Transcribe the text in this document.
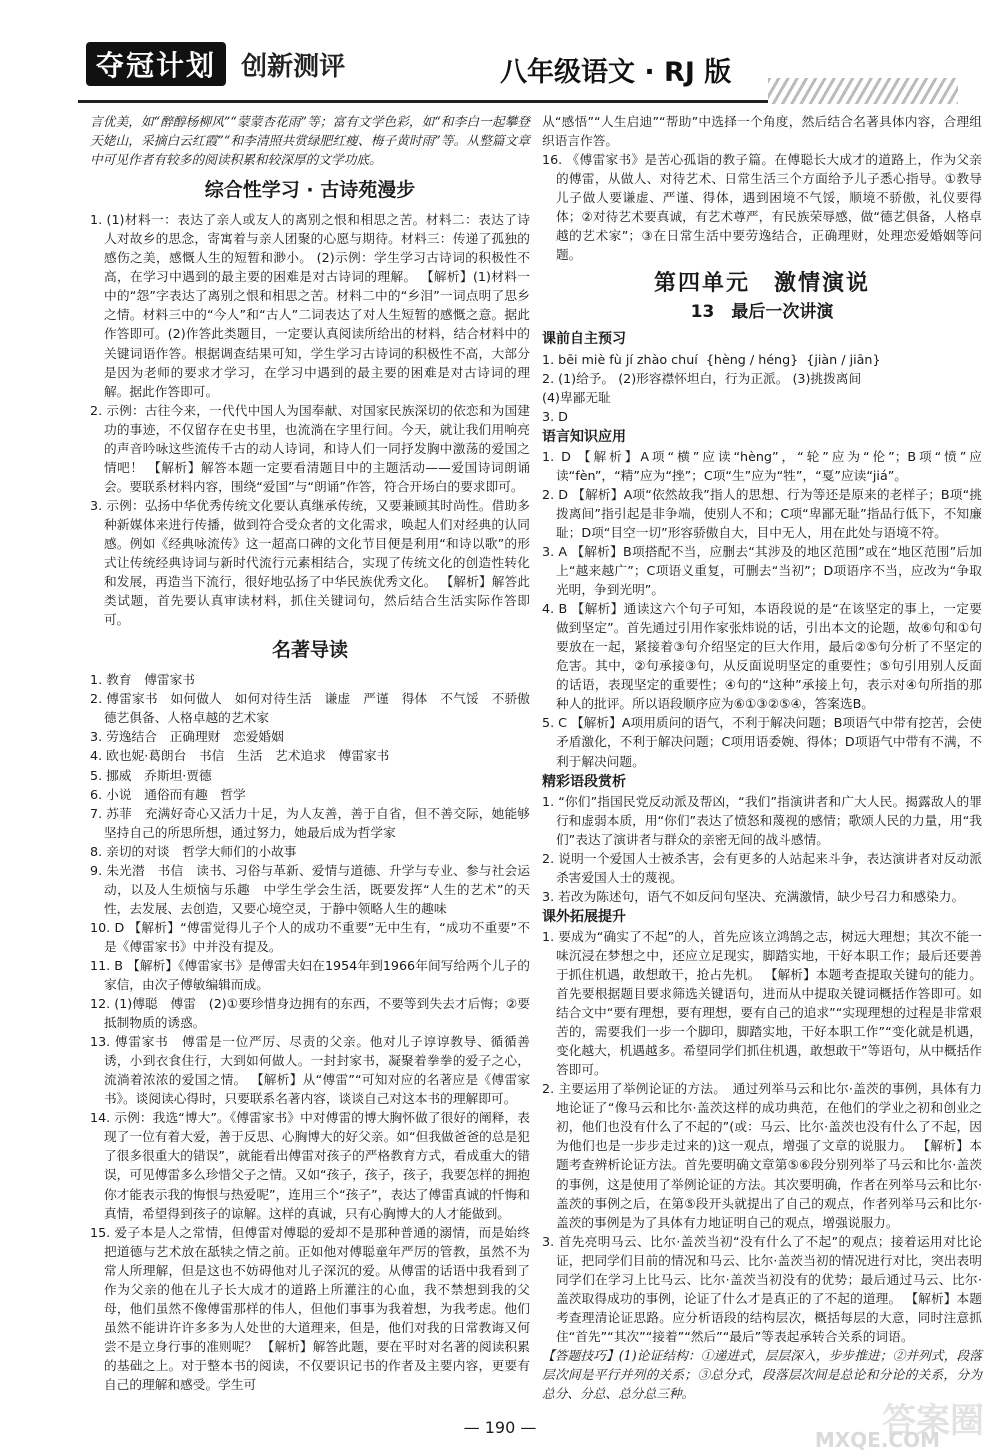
夺冠计划 创新测评	八年级语文 · RJ 版

言优美，如“醉醇杨柳风”“蒙蒙杏花雨”等；富有文学色彩，如“和李白一起攀登天姥山，采摘白云红霞”“和李清照共赏绿肥红瘦、梅子黄时雨”等。从整篇文章中可见作者有较多的阅读积累和较深厚的文学功底。

综合性学习 · 古诗苑漫步

1. (1)材料一：表达了亲人或友人的离别之恨和相思之苦。材料二：表达了诗人对故乡的思念，寄寓着与亲人团聚的心愿与期待。材料三：传递了孤独的感伤之美，感慨人生的短暂和渺小。 (2)示例：学生学习古诗词的积极性不高，在学习中遇到的最主要的困难是对古诗词的理解。 【解析】(1)材料一中的“怨”字表达了离别之恨和相思之苦。材料二中的“乡泪”一词点明了思乡之情。材料三中的“今人”和“古人”二词表达了对人生短暂的感慨之意。据此作答即可。(2)作答此类题目，一定要认真阅读所给出的材料，结合材料中的关键词语作答。根据调查结果可知，学生学习古诗词的积极性不高，大部分是因为老师的要求才学习，在学习中遇到的最主要的困难是对古诗词的理解。据此作答即可。

2. 示例：古往今来，一代代中国人为国奉献、对国家民族深切的依恋和为国建功的事迹，不仅留存在史书里，也流淌在字里行间。今天，就让我们用响亮的声音吟咏这些流传千古的动人诗词，和诗人们一同抒发胸中激荡的爱国之情吧！ 【解析】解答本题一定要看清题目中的主题活动——爱国诗词朗诵会。要联系材料内容，围绕“爱国”与“朗诵”作答，符合开场白的要求即可。

3. 示例：弘扬中华优秀传统文化要认真继承传统，又要兼顾其时尚性。借助多种新媒体来进行传播，做到符合受众者的文化需求，唤起人们对经典的认同感。例如《经典咏流传》这一超高口碑的文化节目便是利用“和诗以歌”的形式让传统经典诗词与新时代流行元素相结合，实现了传统文化的创造性转化和发展，再造当下流行，很好地弘扬了中华民族优秀文化。 【解析】解答此类试题，首先要认真审读材料，抓住关键词句，然后结合生活实际作答即可。

名著导读

1. 教育　傅雷家书

2. 傅雷家书　如何做人　如何对待生活　谦虚　严谨　得体　不气馁　不骄傲　德艺俱备、人格卓越的艺术家

3. 劳逸结合　正确理财　恋爱婚姻

4. 欧也妮·葛朗台　书信　生活　艺术追求　傅雷家书

5. 挪威　乔斯坦·贾德

6. 小说　通俗而有趣　哲学

7. 苏菲　充满好奇心又活力十足，为人友善，善于自省，但不善交际，她能够坚持自己的所思所想，通过努力，她最后成为哲学家

8. 亲切的对谈　哲学大师们的小故事

9. 朱光潜　书信　读书、习俗与革新、爱情与道德、升学与专业、参与社会运动，以及人生烦恼与乐趣　中学生学会生活，既要发挥“人生的艺术”的天性，去发展、去创造，又要心境空灵，于静中领略人生的趣味

10. D 【解析】“傅雷觉得儿子个人的成功不重要”无中生有，“成功不重要”不是《傅雷家书》中并没有提及。

11. B 【解析】《傅雷家书》是傅雷夫妇在1954年到1966年间写给两个儿子的家信，由次子傅敏编辑而成。

12. (1)傅聪　傅雷　(2)①要珍惜身边拥有的东西，不要等到失去才后悔；②要抵制物质的诱惑。

13. 傅雷家书　傅雷是一位严厉、尽责的父亲。他对儿子谆谆教导、循循善诱，小到衣食住行，大到如何做人。一封封家书，凝聚着拳拳的爱子之心，流淌着浓浓的爱国之情。 【解析】从“傅雷”“可知对应的名著应是《傅雷家书》。谈阅读心得时，只要联系名著内容，谈谈自己对这本书的理解即可。

14. 示例：我选“博大”。《傅雷家书》中对傅雷的博大胸怀做了很好的阐释，表现了一位有着大爱，善于反思、心胸博大的好父亲。如“但我做爸爸的总是犯了很多很重大的错误”，就能看出傅雷对孩子的严格教育方式，看成重大的错误，可见傅雷多么珍惜父子之情。又如“孩子，孩子，孩子，我要怎样的拥抱你才能表示我的悔恨与热爱呢”，连用三个“孩子”，表达了傅雷真诚的忏悔和真情，希望得到孩子的谅解。这样的真诚，只有心胸博大的人才能做到。

15. 爱子本是人之常情，但傅雷对傅聪的爱却不是那种普通的溺情，而是始终把道德与艺术放在舐犊之情之前。正如他对傅聪童年严厉的管教，虽然不为常人所理解，但是这也不妨碍他对儿子深沉的爱。从傅雷的话语中我看到了作为父亲的他在儿子长大成才的道路上所灌注的心血，我不禁想到我的父母，他们虽然不像傅雷那样的伟人，但他们事事为我着想，为我考虑。他们虽然不能讲许许多多为人处世的大道理来，但是，他们对我的日常教诲又何尝不是立身行事的准则呢？ 【解析】解答此题，要在平时对名著的阅读积累的基础之上。对于整本书的阅读，不仅要识记书的作者及主要内容，更要有自己的理解和感受。学生可

从“感悟”“人生启迪”“帮助”中选择一个角度，然后结合名著具体内容，合理组织语言作答。

16. 《傅雷家书》是苦心孤诣的教子篇。在傅聪长大成才的道路上，作为父亲的傅雷，从做人、对待艺术、日常生活三个方面给予儿子悉心指导。①教导儿子做人要谦虚、严谨、得体，遇到困境不气馁，顺境不骄傲，礼仪要得体；②对待艺术要真诚，有艺术尊严，有民族荣辱感，做“德艺俱备，人格卓越的艺术家”；③在日常生活中要劳逸结合，正确理财，处理恋爱婚姻等问题。

第四单元　激情演说
13　最后一次讲演
课前自主预习

1. bēi miè fù jí zhào chuí  {hèng / héng}  {jiàn / jiān}

2. (1)给予。 (2)形容襟怀坦白，行为正派。 (3)挑拨离间

(4)卑鄙无耻

3. D

语言知识应用

1. D 【解析】A项“横”应读“hèng”，“轮”应为“伦”；B项“愤”应读“fèn”，“精”应为“挫”；C项“生”应为“牲”，“戛”应读“jiá”。

2. D 【解析】A项“依然故我”指人的思想、行为等还是原来的老样子；B项“挑拨离间”指引起是非争端，使别人不和；C项“卑鄙无耻”指品行低下，不知廉耻；D项“目空一切”形容骄傲自大，目中无人，用在此处与语境不符。

3. A 【解析】B项搭配不当，应删去“其涉及的地区范围”或在“地区范围”后加上“越来越广”；C项语义重复，可删去“当初”；D项语序不当，应改为“争取光明，争到光明”。

4. B 【解析】通读这六个句子可知，本语段说的是“在该坚定的事上，一定要做到坚定”。首先通过引用作家张炜说的话，引出本文的论题，故⑥句和①句要放在一起，紧接着③句介绍坚定的巨大作用，最后②⑤句分析了不坚定的危害。其中，②句承接③句，从反面说明坚定的重要性；⑤句引用别人反面的话语，表现坚定的重要性；④句的“这种”承接上句，表示对④句所指的那种人的批评。所以语段顺序应为⑥①③②⑤④，答案选B。

5. C 【解析】A项用质问的语气，不利于解决问题；B项语气中带有挖苦，会使矛盾激化，不利于解决问题；C项用语委婉、得体；D项语气中带有不满，不利于解决问题。

精彩语段赏析

1. “你们”指国民党反动派及帮凶，“我们”指演讲者和广大人民。揭露敌人的罪行和虚弱本质，用“你们”表达了愤怒和蔑视的感情；歌颂人民的力量，用“我们”表达了演讲者与群众的亲密无间的战斗感情。

2. 说明一个爱国人士被杀害，会有更多的人站起来斗争，表达演讲者对反动派杀害爱国人士的蔑视。

3. 若改为陈述句，语气不如反问句坚决、充满激情，缺少号召力和感染力。

课外拓展提升

1. 要成为“确实了不起”的人，首先应该立鸿鹄之志，树远大理想；其次不能一味沉浸在梦想之中，还应立足现实，脚踏实地，干好本职工作；最后还要善于抓住机遇，敢想敢干，抢占先机。 【解析】本题考查提取关键句的能力。首先要根据题目要求筛选关键语句，进而从中提取关键词概括作答即可。如结合文中“要有理想，要有理想，要有自己的追求”“实现理想的过程是非常艰苦的，需要我们一步一个脚印，脚踏实地，干好本职工作”“变化就是机遇，变化越大，机遇越多。希望同学们抓住机遇，敢想敢干”等语句，从中概括作答即可。

2. 主要运用了举例论证的方法。　通过列举马云和比尔·盖茨的事例，具体有力地论证了“像马云和比尔·盖茨这样的成功典范，在他们的学业之初和创业之初，他们也没有什么了不起的”(或：马云、比尔·盖茨也没有什么了不起，因为他们也是一步步走过来的)这一观点，增强了文章的说服力。 【解析】本题考查辨析论证方法。首先要明确文章第⑤⑥段分别列举了马云和比尔·盖茨的事例，这是使用了举例论证的方法。其次要明确，作者在列举马云和比尔·盖茨的事例之后，在第⑤段开头就提出了自己的观点，作者列举马云和比尔·盖茨的事例是为了具体有力地证明自己的观点，增强说服力。

3. 首先亮明马云、比尔·盖茨当初“没有什么了不起”的观点；接着运用对比论证，把同学们目前的情况和马云、比尔·盖茨当初的情况进行对比，突出表明同学们在学习上比马云、比尔·盖茨当初没有的优势；最后通过马云、比尔·盖茨取得成功的事例，论证了什么才是真正的了不起的道理。 【解析】本题考查理清论证思路。应分析语段的结构层次，概括每层的大意，同时注意抓住“首先”“其次”“接着”“然后”“最后”等表起承转合关系的词语。

【答题技巧】(1)论证结构：①递进式，层层深入，步步推进；②并列式，段落层次间是平行并列的关系；③总分式，段落层次间是总论和分论的关系，分为总分、分总、总分总三种。

— 190 —	答案圈
MXQE.COM
